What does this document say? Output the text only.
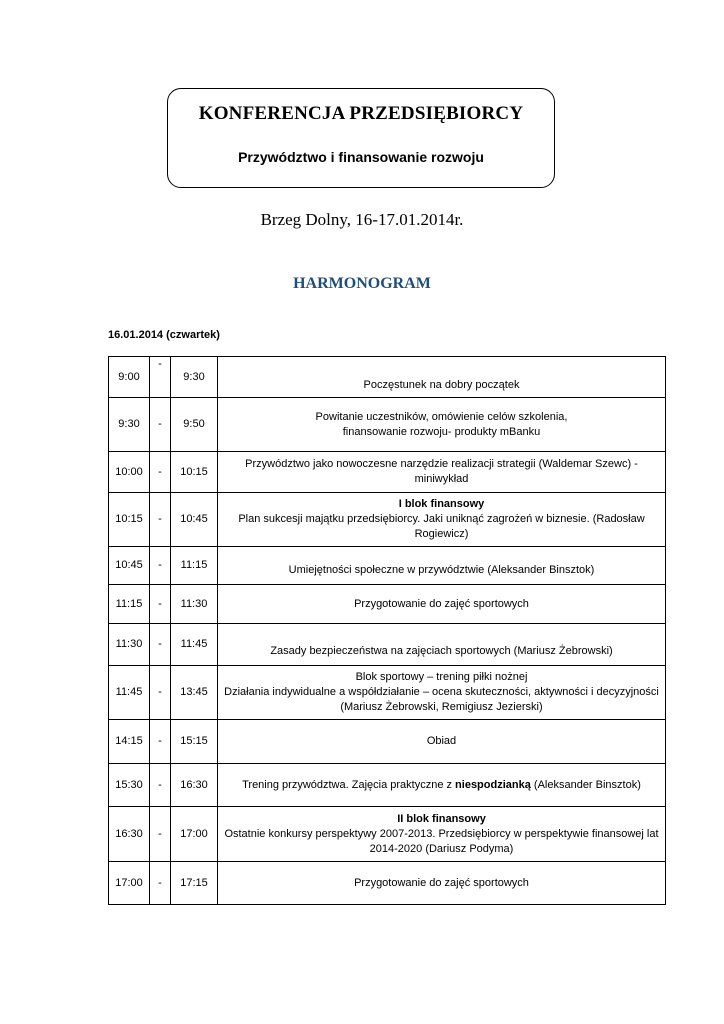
KONFERENCJA PRZEDSIĘBIORCY
Przywództwo i finansowanie rozwoju
Brzeg Dolny, 16-17.01.2014r.
HARMONOGRAM
16.01.2014 (czwartek)
9:00	-	9:30	Poczęstunek na dobry początek
9:30	-	9:50	Powitanie uczestników, omówienie celów szkolenia,
finansowanie rozwoju- produkty mBanku

10:00	-	10:15	Przywództwo jako nowoczesne narzędzie realizacji strategii (Waldemar Szewc) - miniwykład
10:15	-	10:45	I blok finansowy
Plan sukcesji majątku przedsiębiorcy. Jaki uniknąć zagrożeń w biznesie. (Radosław Rogiewicz)

10:45	-	11:15	Umiejętności społeczne w przywództwie (Aleksander Binsztok)
11:15	-	11:30	Przygotowanie do zajęć sportowych
11:30	-	11:45	Zasady bezpieczeństwa na zajęciach sportowych (Mariusz Żebrowski)
11:45	-	13:45	Blok sportowy – trening piłki nożnej
Działania indywidualne a współdziałanie – ocena skuteczności, aktywności i decyzyjności (Mariusz Żebrowski, Remigiusz Jezierski)

14:15	-	15:15	Obiad
15:30	-	16:30	Trening przywództwa. Zajęcia praktyczne z niespodzianką (Aleksander Binsztok)
16:30	-	17:00	II blok finansowy
Ostatnie konkursy perspektywy 2007-2013. Przedsiębiorcy w perspektywie finansowej lat 2014-2020 (Dariusz Podyma)

17:00	-	17:15	Przygotowanie do zajęć sportowych
